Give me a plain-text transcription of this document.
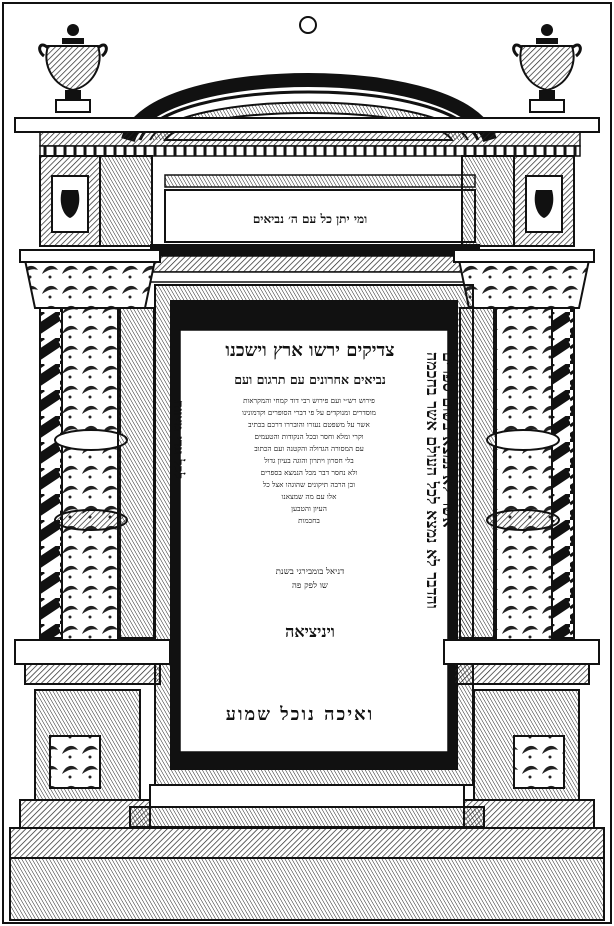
ומי יתן כל עם ה׳ נביאים
צדיקים ירשו ארץ וישכנו
נביאים אחרונים עם תרגום ועם
פירוש רש״י ועם פירוש רבי דוד קמחי והמקראות
מוסדרים ומנוקדים על פי דברי הסופרים וקדמונינו
אשר על משפטם נעזרו והובררו דרכם בכתיב
וקרי ומלא וחסר ובכל הנקודות והטעמים
עם המסורה הגדולה והקטנה ועם הכתוב
בלי חסרון ויתרון והוגה בעיון גדול
ולא נחסר דבר מכל הנמצא בספרים
וכן הרבה תיקונים שהוגהו אצל כל
אלו עם מה שמצאנו
העיון והטבען
בחכמות
דניאל בומבירגי בשנת
שו לפק פה
ויניציאה
ואיכה נוכל שמוע
והדבר לא נמצא לכל העולם אשר בחכמה
אשר לא נמצא בשום ספרים
לכל עדי מצוות
